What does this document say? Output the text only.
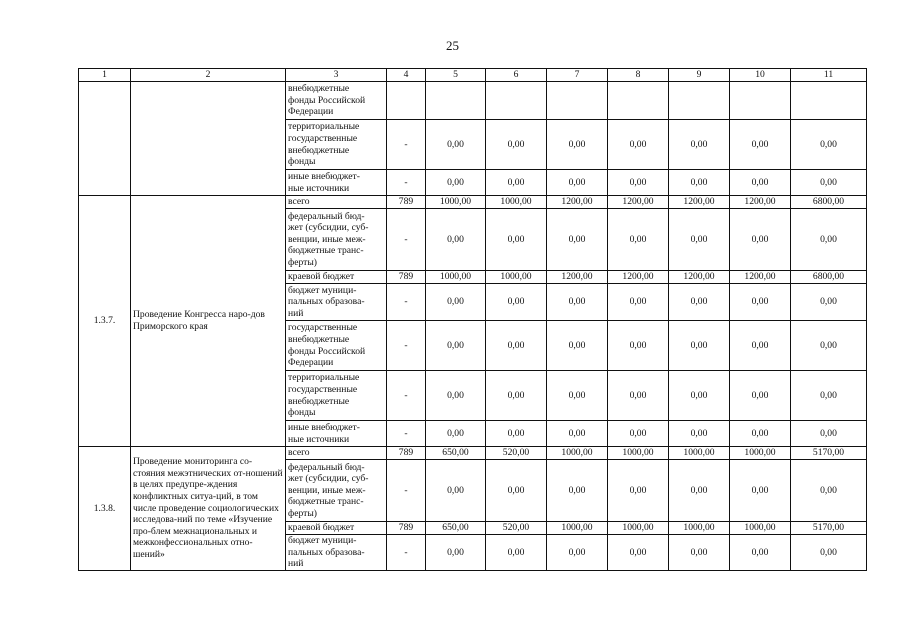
25
1	2	3	4	5	6	7	8	9	10	11
		внебюджетные
фонды Российской
Федерации								
		территориальные
государственные
внебюджетные
фонды	-	0,00	0,00	0,00	0,00	0,00	0,00	0,00
		иные внебюджет-
ные источники	-	0,00	0,00	0,00	0,00	0,00	0,00	0,00
1.3.7.	Проведение Конгресса наро-дов Приморского края	всего	789	1000,00	1000,00	1200,00	1200,00	1200,00	1200,00	6800,00
		федеральный бюд-
жет (субсидии, суб-
венции, иные меж-
бюджетные транс-
ферты)	-	0,00	0,00	0,00	0,00	0,00	0,00	0,00
		краевой бюджет	789	1000,00	1000,00	1200,00	1200,00	1200,00	1200,00	6800,00
		бюджет муници-
пальных образова-
ний	-	0,00	0,00	0,00	0,00	0,00	0,00	0,00
		государственные
внебюджетные
фонды Российской
Федерации	-	0,00	0,00	0,00	0,00	0,00	0,00	0,00
		территориальные
государственные
внебюджетные
фонды	-	0,00	0,00	0,00	0,00	0,00	0,00	0,00
		иные внебюджет-
ные источники	-	0,00	0,00	0,00	0,00	0,00	0,00	0,00
1.3.8.	Проведение мониторинга со-стояния межэтнических от-ношений в целях предупре-ждения конфликтных ситуа-ций, в том числе проведение социологических исследова-ний по теме «Изучение про-блем межнациональных и межконфессиональных отно-шений»	всего	789	650,00	520,00	1000,00	1000,00	1000,00	1000,00	5170,00
		федеральный бюд-
жет (субсидии, суб-
венции, иные меж-
бюджетные транс-
ферты)	-	0,00	0,00	0,00	0,00	0,00	0,00	0,00
		краевой бюджет	789	650,00	520,00	1000,00	1000,00	1000,00	1000,00	5170,00
		бюджет муници-
пальных образова-
ний	-	0,00	0,00	0,00	0,00	0,00	0,00	0,00
